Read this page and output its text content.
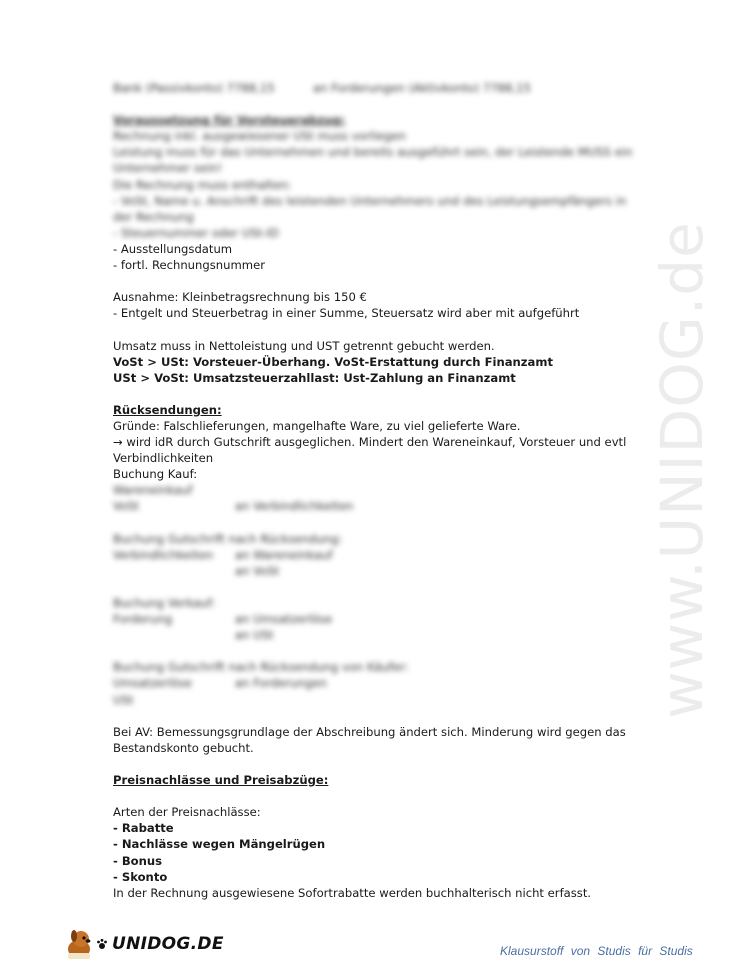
www.UNIDOG.de
Bank (Passivkonto) 7788,15	an Forderungen (Aktivkonto) 7788,15
Voraussetzung für Vorsteuerabzug:
Rechnung inkl. ausgewiesener USt muss vorliegen
Leistung muss für das Unternehmen und bereits ausgeführt sein, der Leistende MUSS ein
Unternehmer sein!
Die Rechnung muss enthalten:
- VoSt, Name u. Anschrift des leistenden Unternehmers und des Leistungsempfängers in
der Rechnung
- Steuernummer oder USt-ID
- Ausstellungsdatum
- fortl. Rechnungsnummer
Ausnahme: Kleinbetragsrechnung bis 150 €
- Entgelt und Steuerbetrag in einer Summe, Steuersatz wird aber mit aufgeführt
Umsatz muss in Nettoleistung und UST getrennt gebucht werden.
VoSt > USt: Vorsteuer-Überhang. VoSt-Erstattung durch Finanzamt
USt > VoSt: Umsatzsteuerzahllast: Ust-Zahlung an Finanzamt
Rücksendungen:
Gründe: Falschlieferungen, mangelhafte Ware, zu viel gelieferte Ware.
→ wird idR durch Gutschrift ausgeglichen. Mindert den Wareneinkauf, Vorsteuer und evtl Verbindlichkeiten
Buchung Kauf:
Wareneinkauf
VoSt	an Verbindlichkeiten
Buchung Gutschrift nach Rücksendung:
Verbindlichkeiten	an Wareneinkauf
an VoSt
Buchung Verkauf:
Forderung	an Umsatzerlöse
an USt
Buchung Gutschrift nach Rücksendung von Käufer:
Umsatzerlöse	an Forderungen
USt
Bei AV: Bemessungsgrundlage der Abschreibung ändert sich. Minderung wird gegen das Bestandskonto gebucht.
Preisnachlässe und Preisabzüge:
Arten der Preisnachlässe:
- Rabatte
- Nachlässe wegen Mängelrügen
- Bonus
- Skonto
In der Rechnung ausgewiesene Sofortrabatte werden buchhalterisch nicht erfasst.
UNIDOG.DE	Klausurstoff von Studis für Studis
